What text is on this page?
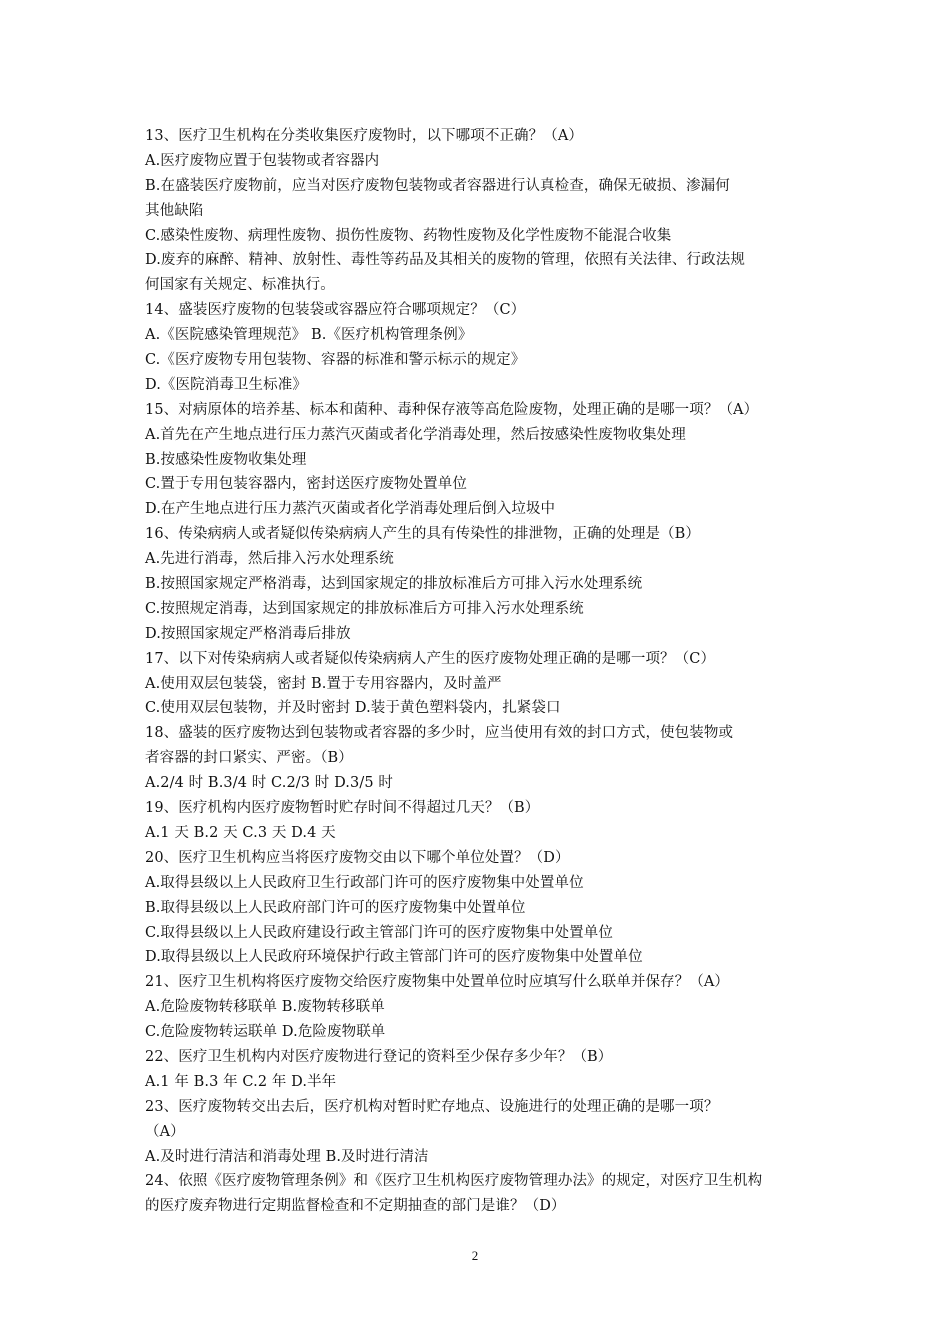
13、医疗卫生机构在分类收集医疗废物时，以下哪项不正确？（A）
A.医疗废物应置于包装物或者容器内
B.在盛装医疗废物前，应当对医疗废物包装物或者容器进行认真检查，确保无破损、渗漏何
其他缺陷
C.感染性废物、病理性废物、损伤性废物、药物性废物及化学性废物不能混合收集
D.废弃的麻醉、精神、放射性、毒性等药品及其相关的废物的管理，依照有关法律、行政法规
何国家有关规定、标准执行。
14、盛装医疗废物的包装袋或容器应符合哪项规定？（C）
A.《医院感染管理规范》 B.《医疗机构管理条例》
C.《医疗废物专用包装物、容器的标准和警示标示的规定》
D.《医院消毒卫生标准》
15、对病原体的培养基、标本和菌种、毒种保存液等高危险废物，处理正确的是哪一项？（A）
A.首先在产生地点进行压力蒸汽灭菌或者化学消毒处理，然后按感染性废物收集处理
B.按感染性废物收集处理
C.置于专用包装容器内，密封送医疗废物处置单位
D.在产生地点进行压力蒸汽灭菌或者化学消毒处理后倒入垃圾中
16、传染病病人或者疑似传染病病人产生的具有传染性的排泄物，正确的处理是（B）
A.先进行消毒，然后排入污水处理系统
B.按照国家规定严格消毒，达到国家规定的排放标准后方可排入污水处理系统
C.按照规定消毒，达到国家规定的排放标准后方可排入污水处理系统
D.按照国家规定严格消毒后排放
17、以下对传染病病人或者疑似传染病病人产生的医疗废物处理正确的是哪一项？（C）
A.使用双层包装袋，密封 B.置于专用容器内，及时盖严
C.使用双层包装物，并及时密封 D.装于黄色塑料袋内，扎紧袋口
18、盛装的医疗废物达到包装物或者容器的多少时，应当使用有效的封口方式，使包装物或
者容器的封口紧实、严密。（B）
A.2/4 时 B.3/4 时 C.2/3 时 D.3/5 时
19、医疗机构内医疗废物暂时贮存时间不得超过几天？（B）
A.1 天 B.2 天 C.3 天 D.4 天
20、医疗卫生机构应当将医疗废物交由以下哪个单位处置？（D）
A.取得县级以上人民政府卫生行政部门许可的医疗废物集中处置单位
B.取得县级以上人民政府部门许可的医疗废物集中处置单位
C.取得县级以上人民政府建设行政主管部门许可的医疗废物集中处置单位
D.取得县级以上人民政府环境保护行政主管部门许可的医疗废物集中处置单位
21、医疗卫生机构将医疗废物交给医疗废物集中处置单位时应填写什么联单并保存？（A）
A.危险废物转移联单 B.废物转移联单
C.危险废物转运联单 D.危险废物联单
22、医疗卫生机构内对医疗废物进行登记的资料至少保存多少年？（B）
A.1 年 B.3 年 C.2 年 D.半年
23、医疗废物转交出去后，医疗机构对暂时贮存地点、设施进行的处理正确的是哪一项？
（A）
A.及时进行清洁和消毒处理 B.及时进行清洁
24、依照《医疗废物管理条例》和《医疗卫生机构医疗废物管理办法》的规定，对医疗卫生机构
的医疗废弃物进行定期监督检查和不定期抽查的部门是谁？（D）
2
